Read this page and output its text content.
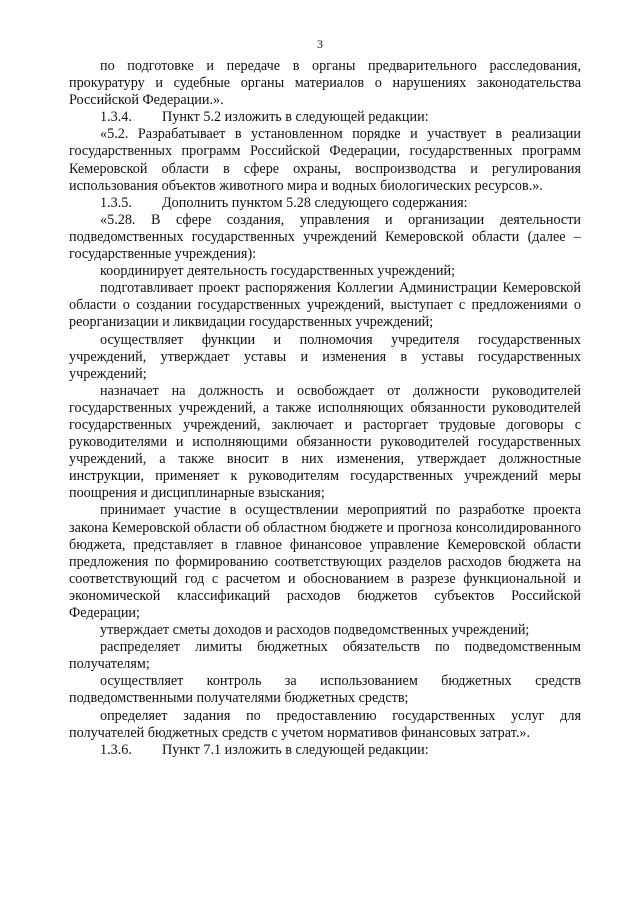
3

по подготовке и передаче в органы предварительного расследования, прокуратуру и судебные органы материалов о нарушениях законодательства Российской Федерации.».

1.3.4. Пункт 5.2 изложить в следующей редакции:

«5.2. Разрабатывает в установленном порядке и участвует в реализации государственных программ Российской Федерации, государственных программ Кемеровской области в сфере охраны, воспроизводства и регулирования использования объектов животного мира и водных биологических ресурсов.».

1.3.5. Дополнить пунктом 5.28 следующего содержания:

«5.28. В сфере создания, управления и организации деятельности подведомственных государственных учреждений Кемеровской области (далее – государственные учреждения):

координирует деятельность государственных учреждений;

подготавливает проект распоряжения Коллегии Администрации Кемеровской области о создании государственных учреждений, выступает с предложениями о реорганизации и ликвидации государственных учреждений;

осуществляет функции и полномочия учредителя государственных учреждений, утверждает уставы и изменения в уставы государственных учреждений;

назначает на должность и освобождает от должности руководителей государственных учреждений, а также исполняющих обязанности руководителей государственных учреждений, заключает и расторгает трудовые договоры с руководителями и исполняющими обязанности руководителей государственных учреждений, а также вносит в них изменения, утверждает должностные инструкции, применяет к руководителям государственных учреждений меры поощрения и дисциплинарные взыскания;

принимает участие в осуществлении мероприятий по разработке проекта закона Кемеровской области об областном бюджете и прогноза консолидированного бюджета, представляет в главное финансовое управление Кемеровской области предложения по формированию соответствующих разделов расходов бюджета на соответствующий год с расчетом и обоснованием в разрезе функциональной и экономической классификаций расходов бюджетов субъектов Российской Федерации;

утверждает сметы доходов и расходов подведомственных учреждений;

распределяет лимиты бюджетных обязательств по подведомственным получателям;

осуществляет контроль за использованием бюджетных средств подведомственными получателями бюджетных средств;

определяет задания по предоставлению государственных услуг для получателей бюджетных средств с учетом нормативов финансовых затрат.».

1.3.6. Пункт 7.1 изложить в следующей редакции:
